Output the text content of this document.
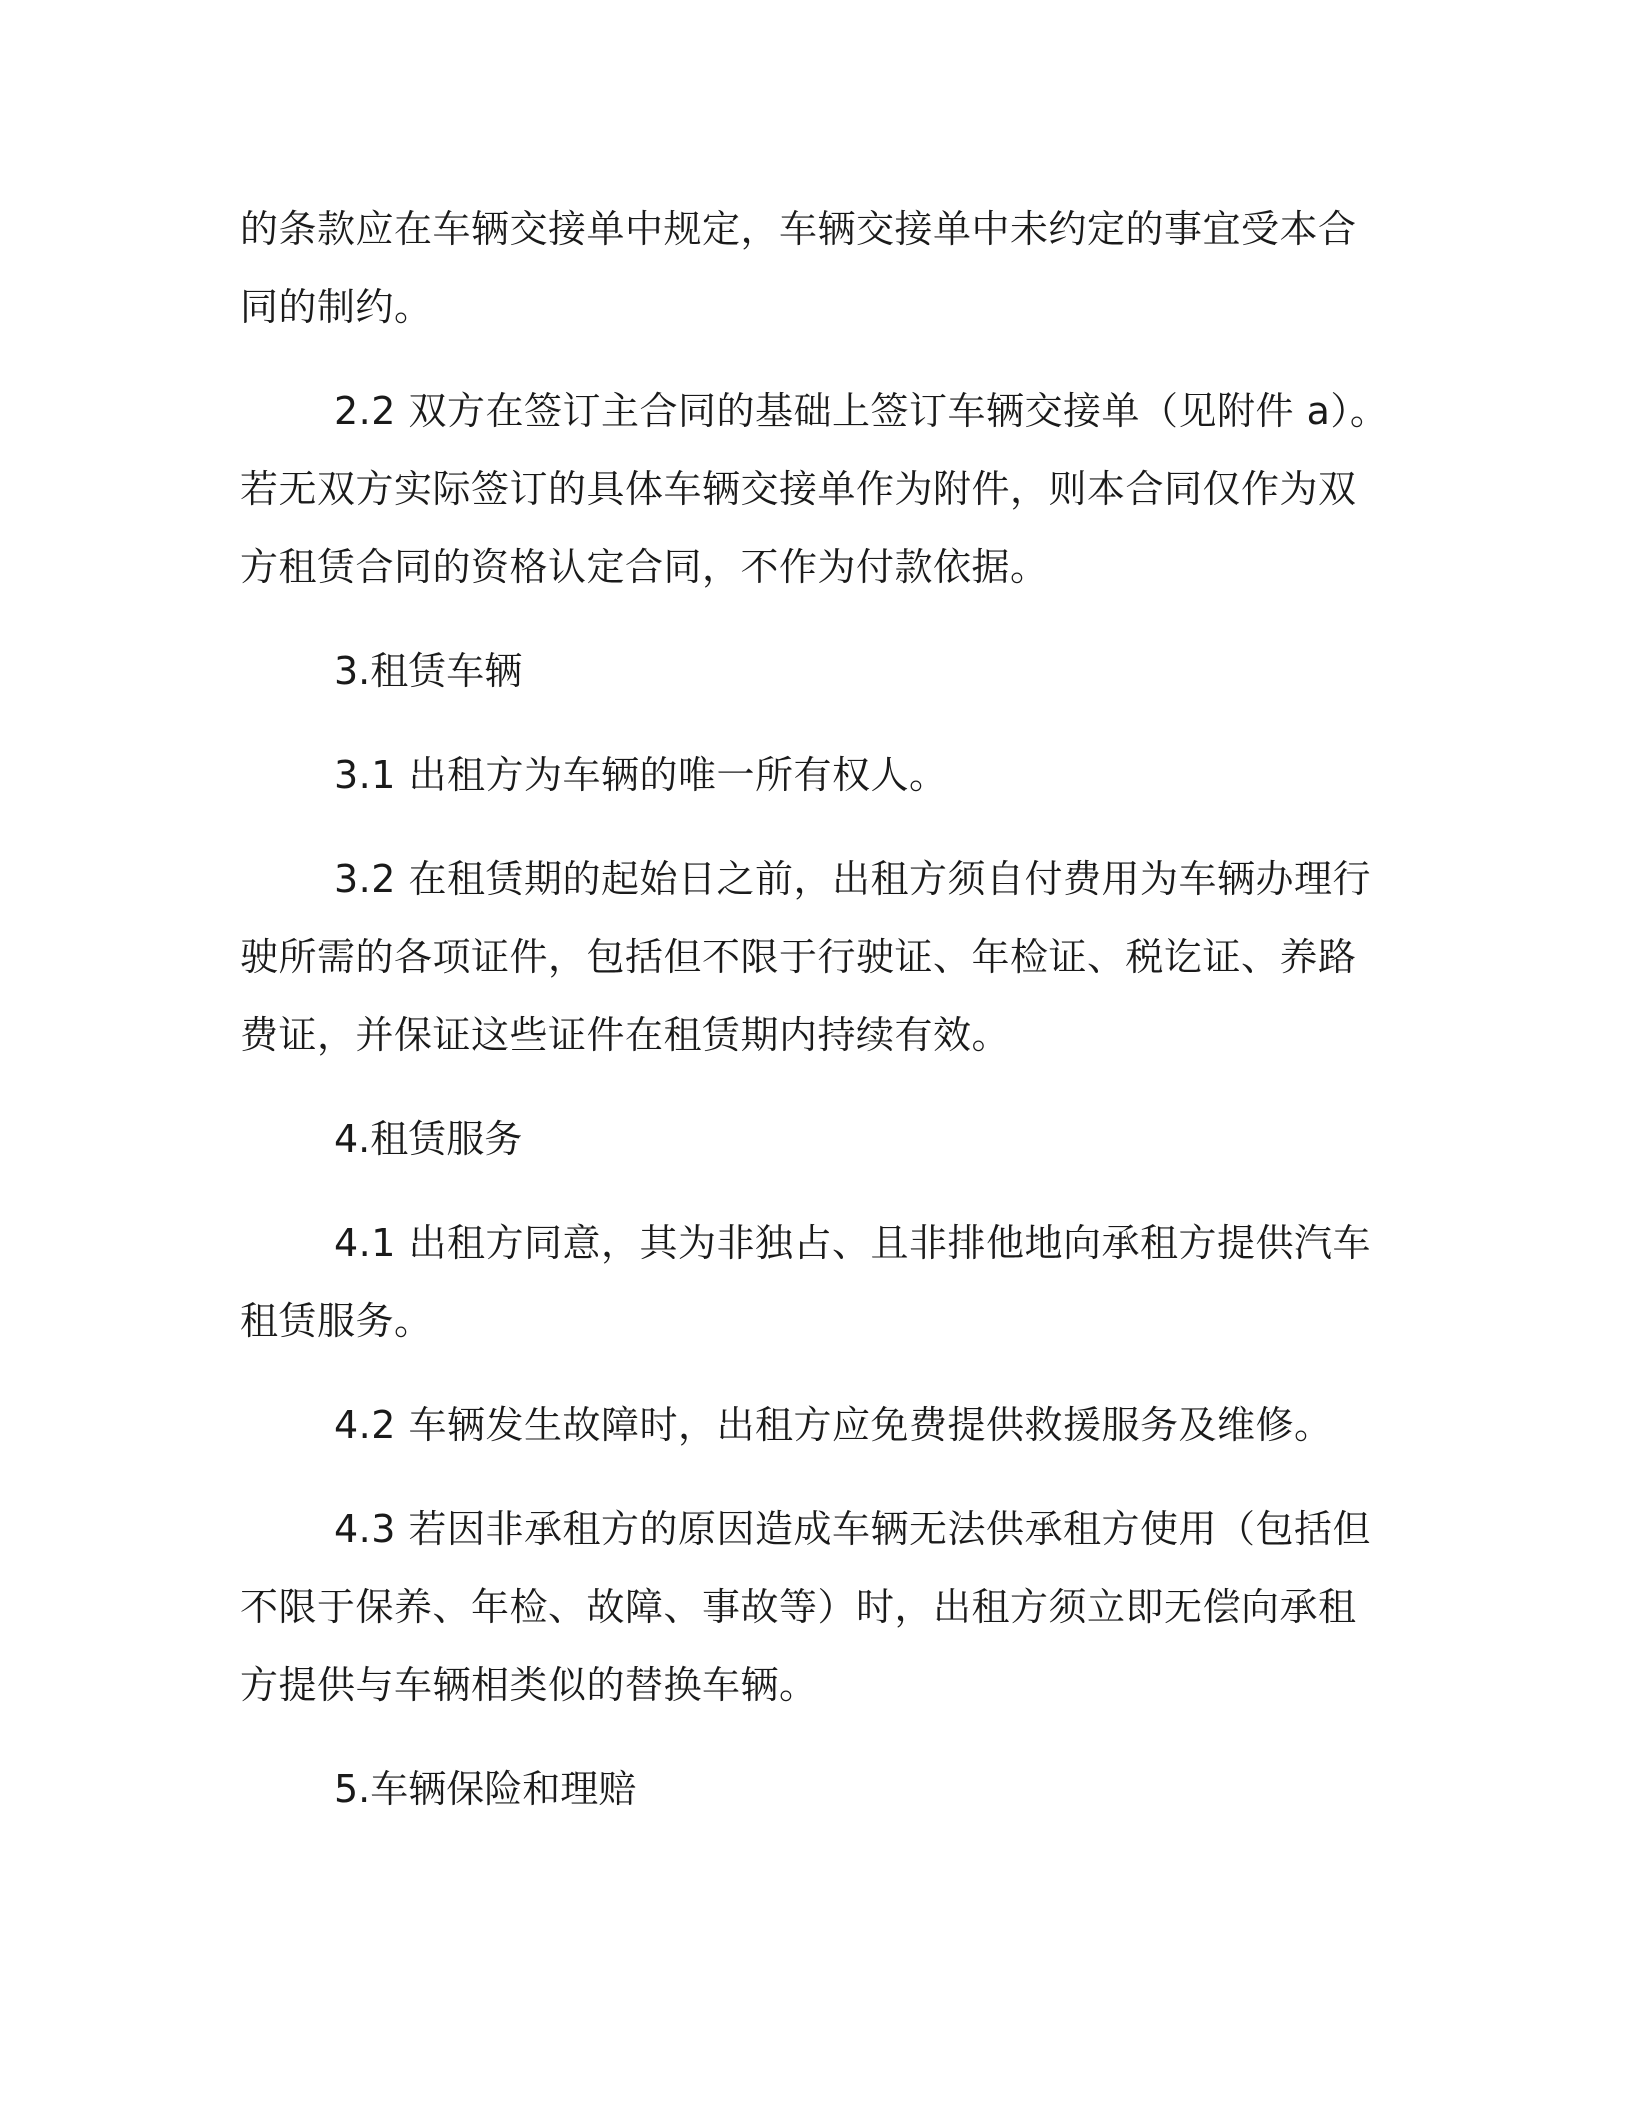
的条款应在车辆交接单中规定，车辆交接单中未约定的事宜受本合同的制约。

2.2 双方在签订主合同的基础上签订车辆交接单（见附件 a）。若无双方实际签订的具体车辆交接单作为附件，则本合同仅作为双方租赁合同的资格认定合同，不作为付款依据。

3.租赁车辆

3.1 出租方为车辆的唯一所有权人。

3.2 在租赁期的起始日之前，出租方须自付费用为车辆办理行驶所需的各项证件，包括但不限于行驶证、年检证、税讫证、养路费证，并保证这些证件在租赁期内持续有效。

4.租赁服务

4.1 出租方同意，其为非独占、且非排他地向承租方提供汽车租赁服务。

4.2 车辆发生故障时，出租方应免费提供救援服务及维修。

4.3 若因非承租方的原因造成车辆无法供承租方使用（包括但不限于保养、年检、故障、事故等）时，出租方须立即无偿向承租方提供与车辆相类似的替换车辆。

5.车辆保险和理赔
